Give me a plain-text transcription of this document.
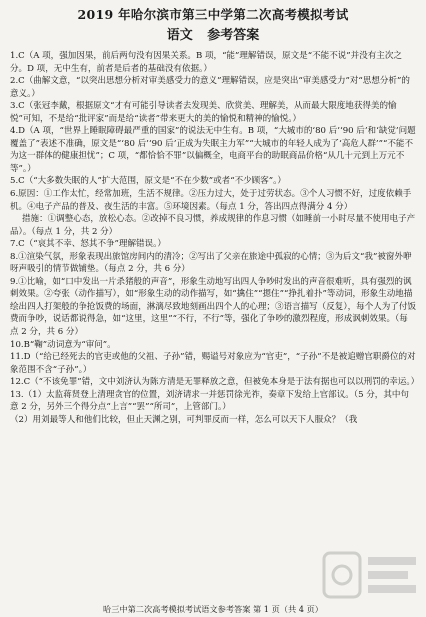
2019 年哈尔滨市第三中学第二次高考模拟考试
语文 参考答案

1.C（A 项，强加因果，前后两句没有因果关系。B 项，“能”理解错误，原文是“不能不说”并没有主次之分。D 项，无中生有，前者是后者的基础没有依据。）

2.C（曲解文意，“以突出思想分析对审美感受力的意义”理解错误，应是突出“审美感受力”对“思想分析”的意义。）

3.C（张冠李戴，根据原文“才有可能引导读者去发现美、欣赏美、理解美，从而最大限度地获得美的愉悦”可知，不是给“批评家”而是给“读者”带来更大的美的愉悦和精神的愉悦。）

4.D（A 项，“世界上睡眠障碍最严重的国家”的说法无中生有。B 项，“大城市的‘80 后’‘90 后’和‘缺觉’问题覆盖了”表述不准确，原文是“‘80 后’‘90 后’正成为失眠主力军”“大城市的年轻人成为了‘高危人群’”“不能不为这一群体的健康担忧”；C 项，“都恰恰不罪”以偏概全，电商平台的助眠商品价格“从几十元到上万元不等”。）

5.C（“大多数失眠的人”扩大范围，原文是“不在少数”或者“不少顾客”。）

6.原因：①工作太忙，经常加班，生活不规律。②压力过大，处于过劳状态。③个人习惯不好，过度依赖手机。④电子产品的普及、夜生活的丰富。⑤环境因素。（每点 1 分，答出四点得满分 4 分）

措施：①调整心态，放松心态。②改掉不良习惯，养成规律的作息习惯（如睡前一小时尽量不使用电子产品）。（每点 1 分，共 2 分）

7.C（“哀其不幸、怒其不争”理解错误。）

8.①渲染气氛，形象表现出旅馆房间内的清冷；②写出了父亲在旅途中孤寂的心情；③为后文“我”被窗外咿呀声吸引的情节做铺垫。（每点 2 分，共 6 分）

9.①比喻，如“口中发出一片杀猪般的声音”，形象生动地写出四人争吵时发出的声音很难听，具有强烈的讽刺效果。②夸张（动作描写），如“形象生动的动作描写，如“擒住”“摁住”“挣扎着扑”等动词，形象生动地描绘出四人打架般的争抢饭费的场面，淋漓尽致地刻画出四个人的心理；③语言描写（反复），每个人为了付饭费而争吵，说话都说得急，如“这里，这里”“不行，不行”等，强化了争吵的激烈程度，形成讽刺效果。（每点 2 分，共 6 分）

10.B“鞠”动词意为“审问”。

11.D（“给已经死去的官吏或他的父祖、子孙”错，赐谥号对象应为“官吏”，“子孙”不是被追赠官职爵位的对象范围不含“子孙”。）

12.C（“不该免罪”错，文中刘济认为陈方清是无罪释放之意，但被免本身是于法有据也可以以刑罚的幸运。）

13.（1）太监蒋贤登上清理贪官的位置，刘济请求一并惩罚徐光祚，奏章下发给上官部议。（5 分，其中句意 2 分，另外三个得分点“上言”“罢”“所司”，上管部门。）

（2）用刘最等人和他们比较，但止天渊之别，可判罪反而一样，怎么可以天下人服众？（我

哈三中第二次高考模拟考试语文参考答案 第 1 页（共 4 页）
